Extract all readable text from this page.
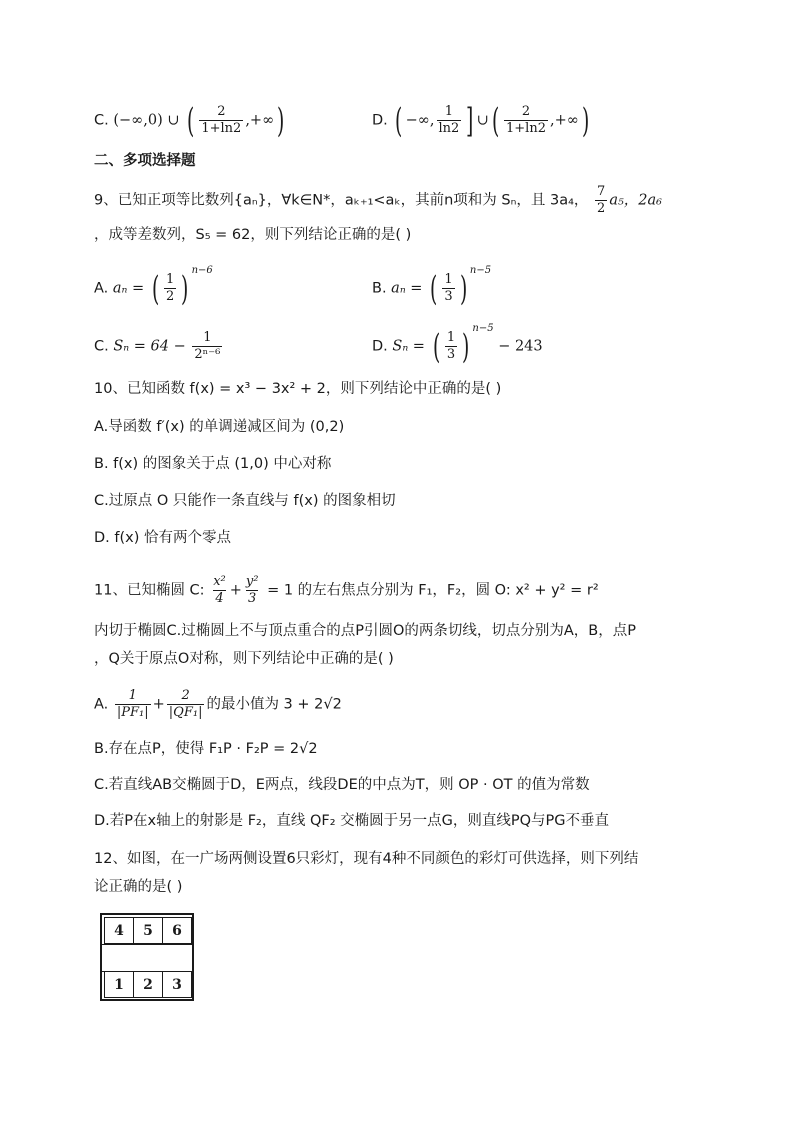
C. (−∞,0) ∪ ( $\frac{2}{1+\ln 2}$ ,+∞)	D. ( −∞, $\frac{1}{\ln 2}$ ] ∪( $\frac{2}{1+\ln 2}$ ,+∞)
二、多项选择题
9、已知正项等比数列{aₙ}，∀k∈N*，aₖ₊₁<aₖ，其前n项和为 Sₙ，且 3a₄， $\frac{7}{2} a_5$，2a₆
，成等差数列，S₅ = 62，则下列结论正确的是( )
A. aₙ = ( $\frac{1}{2}$ ) $^{n-6}$
B. aₙ = ( $\frac{1}{3}$ ) $^{n-5}$
C. $S_n = 64 - \frac{1}{\text{2ⁿ⁻⁶}}$	D. Sₙ = ( $\frac{1}{3}$ ) $^{n-5}$ − 243
10、已知函数 f(x) = x³ − 3x² + 2，则下列结论中正确的是( )
A.导函数 f′(x) 的单调递减区间为 (0,2)
B. f(x) 的图象关于点 (1,0) 中心对称
C.过原点 O 只能作一条直线与 f(x) 的图象相切
D. f(x) 恰有两个零点
11、已知椭圆 C: $\frac{\text{x²}}{4} + \frac{\text{y²}}{3} = 1$ 的左右焦点分别为 F₁，F₂，圆 O: x² + y² = r²
内切于椭圆C.过椭圆上不与顶点重合的点P引圆O的两条切线，切点分别为A，B，点P
，Q关于原点O对称，则下列结论中正确的是( )
A. $\frac{1}{\text{|PF₁|}} + \frac{2}{\text{|QF₁|}}$ 的最小值为 3 + 2√2
B.存在点P，使得 F₁P · F₂P = 2√2
C.若直线AB交椭圆于D，E两点，线段DE的中点为T，则 OP · OT 的值为常数
D.若P在x轴上的射影是 F₂，直线 QF₂ 交椭圆于另一点G，则直线PQ与PG不垂直
12、如图，在一广场两侧设置6只彩灯，现有4种不同颜色的彩灯可供选择，则下列结
论正确的是( )
4	5	6
1	2	3
